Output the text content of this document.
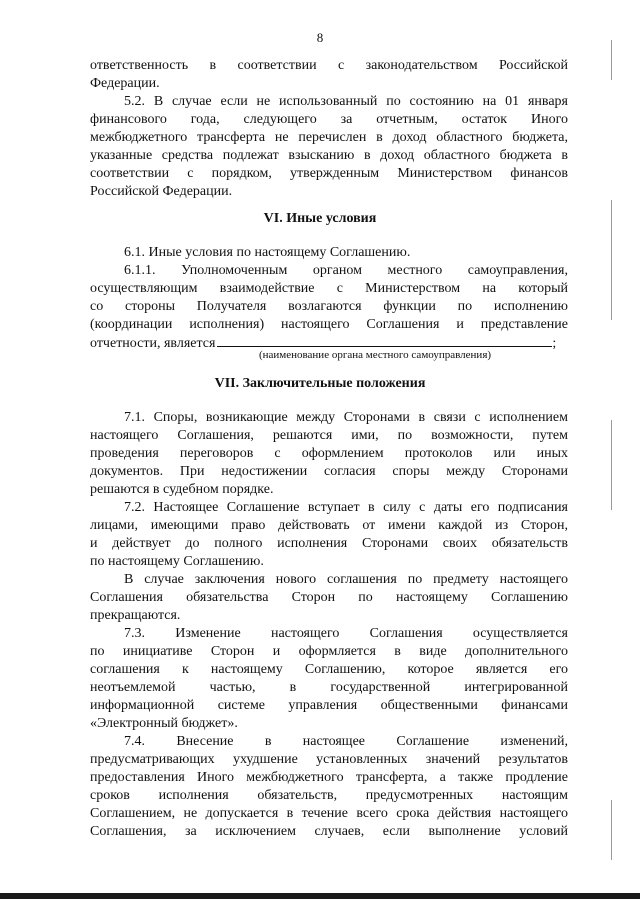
8
ответственность в соответствии с законодательством Российской
Федерации.
5.2. В случае если не использованный по состоянию на 01 января
финансового года, следующего за отчетным, остаток Иного
межбюджетного трансферта не перечислен в доход областного бюджета,
указанные средства подлежат взысканию в доход областного бюджета в
соответствии с порядком, утвержденным Министерством финансов
Российской Федерации.
VI. Иные условия
6.1. Иные условия по настоящему Соглашению.
6.1.1. Уполномоченным органом местного самоуправления,
осуществляющим взаимодействие с Министерством на который
со стороны Получателя возлагаются функции по исполнению
(координации исполнения) настоящего Соглашения и представление
отчетности, является	;
(наименование органа местного самоуправления)
VII. Заключительные положения
7.1. Споры, возникающие между Сторонами в связи с исполнением
настоящего Соглашения, решаются ими, по возможности, путем
проведения переговоров с оформлением протоколов или иных
документов. При недостижении согласия споры между Сторонами
решаются в судебном порядке.
7.2. Настоящее Соглашение вступает в силу с даты его подписания
лицами, имеющими право действовать от имени каждой из Сторон,
и действует до полного исполнения Сторонами своих обязательств
по настоящему Соглашению.
В случае заключения нового соглашения по предмету настоящего
Соглашения обязательства Сторон по настоящему Соглашению
прекращаются.
7.3. Изменение настоящего Соглашения осуществляется
по инициативе Сторон и оформляется в виде дополнительного
соглашения к настоящему Соглашению, которое является его
неотъемлемой частью, в государственной интегрированной
информационной системе управления общественными финансами
«Электронный бюджет».
7.4. Внесение в настоящее Соглашение изменений,
предусматривающих ухудшение установленных значений результатов
предоставления Иного межбюджетного трансферта, а также продление
сроков исполнения обязательств, предусмотренных настоящим
Соглашением, не допускается в течение всего срока действия настоящего
Соглашения, за исключением случаев, если выполнение условий
